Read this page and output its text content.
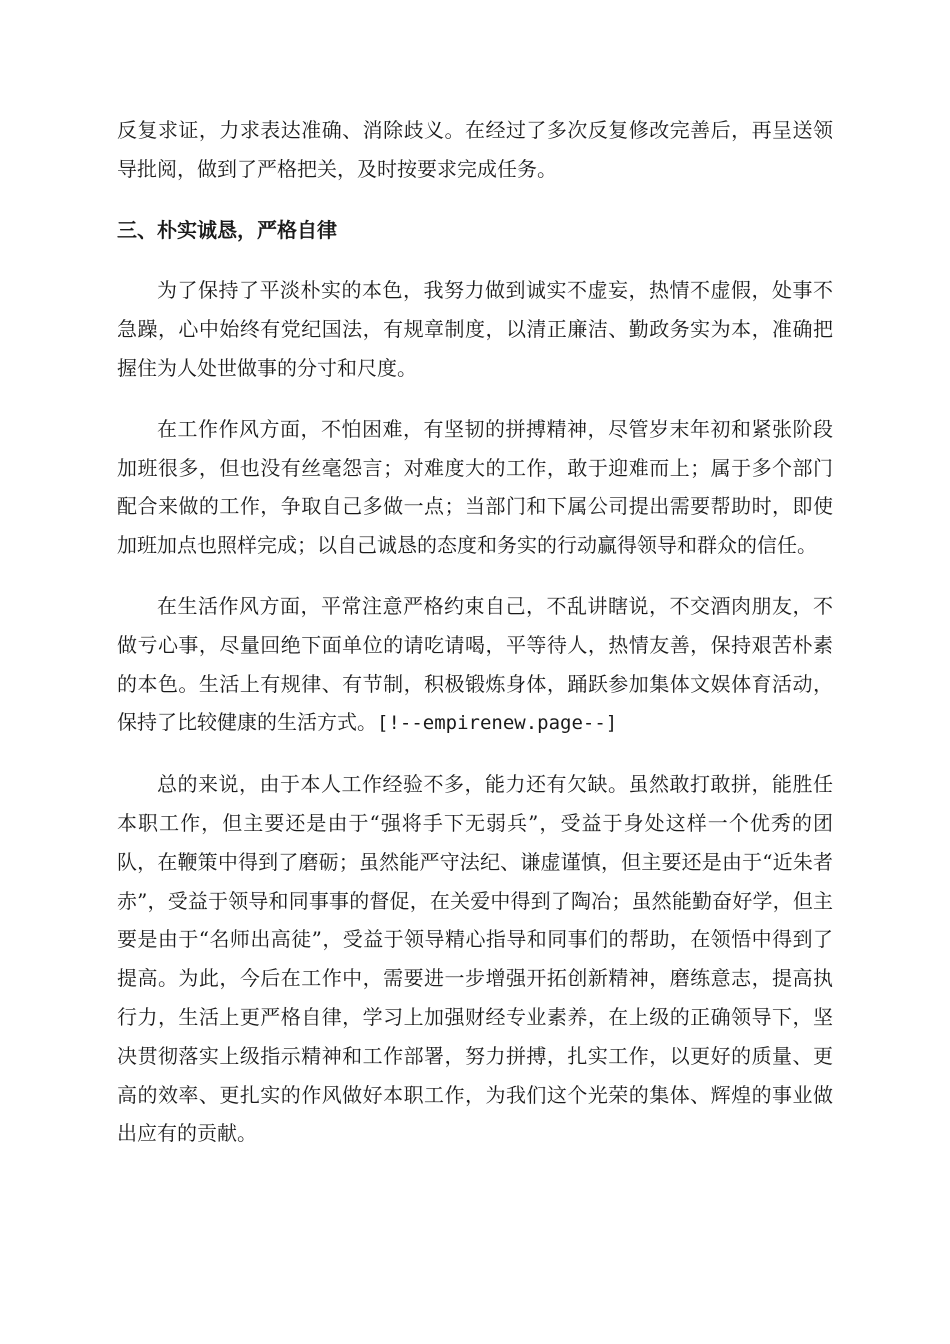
反复求证，力求表达准确、消除歧义。在经过了多次反复修改完善后，再呈送领导批阅，做到了严格把关，及时按要求完成任务。

三、朴实诚恳，严格自律

为了保持了平淡朴实的本色，我努力做到诚实不虚妄，热情不虚假，处事不急躁，心中始终有党纪国法，有规章制度，以清正廉洁、勤政务实为本，准确把握住为人处世做事的分寸和尺度。

在工作作风方面，不怕困难，有坚韧的拼搏精神，尽管岁末年初和紧张阶段加班很多，但也没有丝毫怨言；对难度大的工作，敢于迎难而上；属于多个部门配合来做的工作，争取自己多做一点；当部门和下属公司提出需要帮助时，即使加班加点也照样完成；以自己诚恳的态度和务实的行动赢得领导和群众的信任。

在生活作风方面，平常注意严格约束自己，不乱讲瞎说，不交酒肉朋友，不做亏心事，尽量回绝下面单位的请吃请喝，平等待人，热情友善，保持艰苦朴素的本色。生活上有规律、有节制，积极锻炼身体，踊跃参加集体文娱体育活动，保持了比较健康的生活方式。[!--empirenew.page--]

总的来说，由于本人工作经验不多，能力还有欠缺。虽然敢打敢拼，能胜任本职工作，但主要还是由于“强将手下无弱兵”，受益于身处这样一个优秀的团队，在鞭策中得到了磨砺；虽然能严守法纪、谦虚谨慎，但主要还是由于“近朱者赤”，受益于领导和同事事的督促，在关爱中得到了陶冶；虽然能勤奋好学，但主要是由于“名师出高徒”，受益于领导精心指导和同事们的帮助，在领悟中得到了提高。为此，今后在工作中，需要进一步增强开拓创新精神，磨练意志，提高执行力，生活上更严格自律，学习上加强财经专业素养，在上级的正确领导下，坚决贯彻落实上级指示精神和工作部署，努力拼搏，扎实工作，以更好的质量、更高的效率、更扎实的作风做好本职工作，为我们这个光荣的集体、辉煌的事业做出应有的贡献。
